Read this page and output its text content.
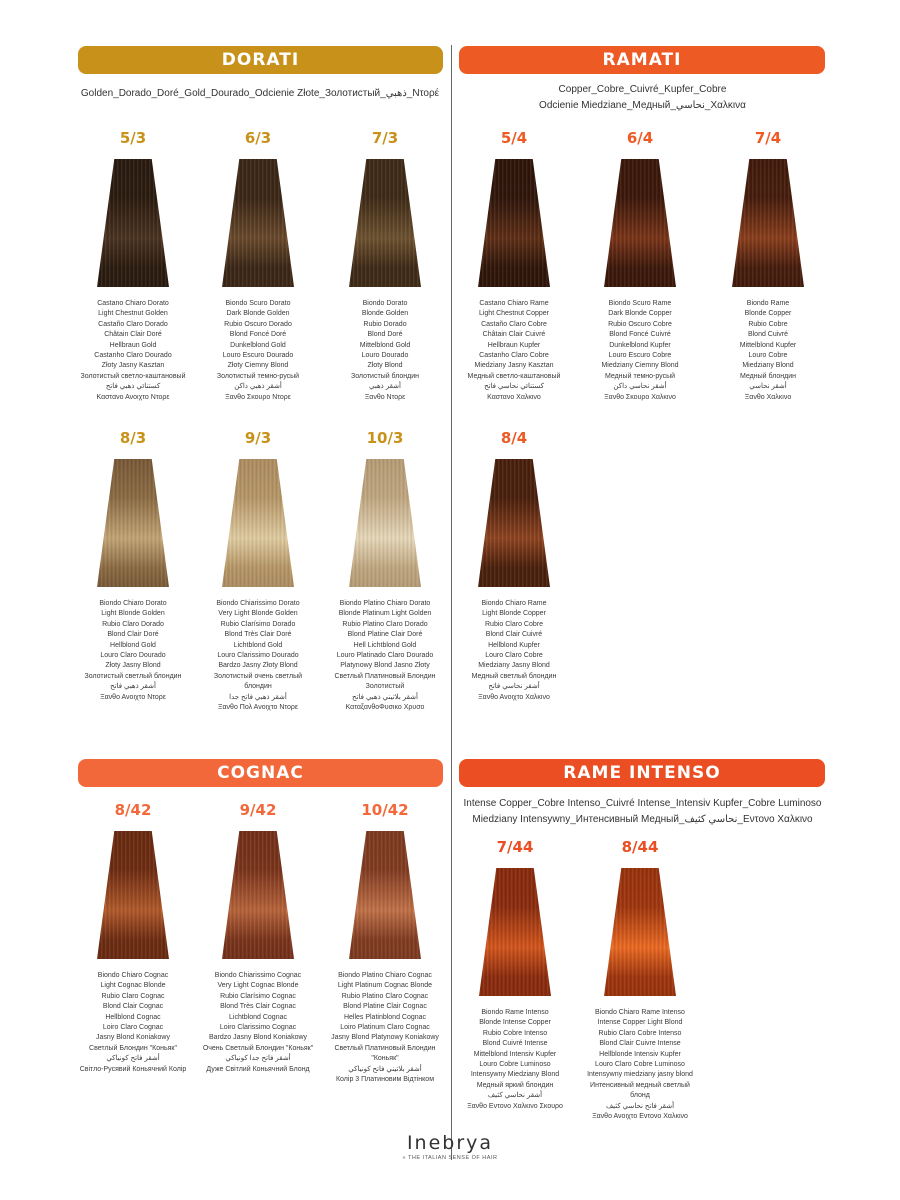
DORATI
Golden_Dorado_Doré_Gold_Dourado_Odcienie Złote_Золотистый_ذهبي_Ντορέ
RAMATI
Copper_Cobre_Cuivré_Kupfer_Cobre
Odcienie Miedziane_Медный_نحاسي_Χαλκινα
COGNAC	RAME INTENSO
Intense Copper_Cobre Intenso_Cuivré Intense_Intensiv Kupfer_Cobre Luminoso
Miedziany Intensywny_Интенсивный Медный_نحاسي كثيف_Εντονο Χαλκινο
5/3
Castano Chiaro Dorato
Light Chestnut Golden
Castaño Claro Dorado
Châtain Clair Doré
Hellbraun Gold
Castanho Claro Dourado
Złoty Jasny Kasztan
Золотистый светло-каштановый
كستنائي ذهبي فاتح
Καστανο Ανοιχτο Ντορε
6/3
Biondo Scuro Dorato
Dark Blonde Golden
Rubio Oscuro Dorado
Blond Foncé Doré
Dunkelblond Gold
Louro Escuro Dourado
Złoty Ciemny Blond
Золотистый темно-русый
أشقر ذهبي داكن
Ξανθο Σκουρο Ντορε
7/3
Biondo Dorato
Blonde Golden
Rubio Dorado
Blond Doré
Mittelblond Gold
Louro Dourado
Złoty Blond
Золотистый блондин
أشقر ذهبي
Ξανθο Ντορε
8/3
Biondo Chiaro Dorato
Light Blonde Golden
Rubio Claro Dorado
Blond Clair Doré
Hellblond Gold
Louro Claro Dourado
Złoty Jasny Blond
Золотистый светлый блондин
أشقر ذهبي فاتح
Ξανθο Ανοιχτο Ντορε
9/3
Biondo Chiarissimo Dorato
Very Light Blonde Golden
Rubio Clarísimo Dorado
Blond Très Clair Doré
Lichtblond Gold
Louro Clarissimo Dourado
Bardzo Jasny Złoty Blond
Золотистый очень светлый
блондин
أشقر ذهبي فاتح جدا
Ξανθο Πολ Ανοιχτο Ντορε
10/3
Biondo Platino Chiaro Dorato
Blonde Platinum Light Golden
Rubio Platino Claro Dorado
Blond Platine Clair Doré
Hell Lichtblond Gold
Louro Platinado Claro Dourado
Platynowy Blond Jasno Złoty
Светлый Платиновый Блондин
Золотистый
أشقر بلاتيني ذهبي فاتح
ΚαταξανθοΦυσικο Χρυσο
5/4
Castano Chiaro Rame
Light Chestnut Copper
Castaño Claro Cobre
Châtain Clair Cuivré
Hellbraun Kupfer
Castanho Claro Cobre
Miedziany Jasny Kasztan
Медный светло-каштановый
كستنائي نحاسي فاتح
Καστανο Χαλκινο
6/4
Biondo Scuro Rame
Dark Blonde Copper
Rubio Oscuro Cobre
Blond Foncé Cuivré
Dunkelblond Kupfer
Louro Escuro Cobre
Miedziany Ciemny Blond
Медный темно-русый
أشقر نحاسي داكن
Ξανθο Σκουρο Χαλκινο
7/4
Biondo Rame
Blonde Copper
Rubio Cobre
Blond Cuivré
Mittelblond Kupfer
Louro Cobre
Miedziany Blond
Медный блондин
أشقر نحاسي
Ξανθο Χαλκινο
8/4
Biondo Chiaro Rame
Light Blonde Copper
Rubio Claro Cobre
Blond Clair Cuivré
Hellblond Kupfer
Louro Claro Cobre
Miedziany Jasny Blond
Медный светлый блондин
أشقر نحاسي فاتح
Ξανθο Ανοιχτο Χαλκινο
8/42
Biondo Chiaro Cognac
Light Cognac Blonde
Rubio Claro Cognac
Blond Clair Cognac
Hellblond Cognac
Loiro Claro Cognac
Jasny Blond Koniakowy
Светлый Блондин "Коньяк"
أشقر فاتح كونياكي
Світло-Русявий Коньячний Колір
9/42
Biondo Chiarissimo Cognac
Very Light Cognac Blonde
Rubio Clarísimo Cognac
Blond Très Clair Cognac
Lichtblond Cognac
Loiro Clarissimo Cognac
Bardzo Jasny Blond Koniakowy
Очень Светлый Блондин "Коньяк"
أشقر فاتح جدا كونياكي
Дуже Світлий Коньячний Блонд
10/42
Biondo Platino Chiaro Cognac
Light Platinum Cognac Blonde
Rubio Platino Claro Cognac
Blond Platine Clair Cognac
Helles Platinblond Cognac
Loiro Platinum Claro Cognac
Jasny Blond Platynowy Koniakowy
Светлый Платиновый Блондин
"Коньяк"
أشقر بلاتيني فاتح كونياكي
Колір 3 Платиновим Відтінком
7/44
Biondo Rame Intenso
Blonde Intense Copper
Rubio Cobre Intenso
Blond Cuivré Intense
Mittelblond Intensiv Kupfer
Louro Cobre Luminoso
Intensywny Miedziany Blond
Медный яркий блондин
أشقر نحاسي كثيف
Ξανθο Εντονο Χαλκινο Σκουρο
8/44
Biondo Chiaro Rame Intenso
Intense Copper Light Blond
Rubio Claro Cobre Intenso
Blond Clair Cuivre Intense
Hellblonde Intensiv Kupfer
Louro Claro Cobre Luminoso
Intensywny miedziany jasny blond
Интенсивный медный светлый
блонд
أشقر فاتح نحاسي كثيف
Ξανθο Ανοιχτο Εντονο Χαλκινο
Inebrya
» THE ITALIAN SENSE OF HAIR
